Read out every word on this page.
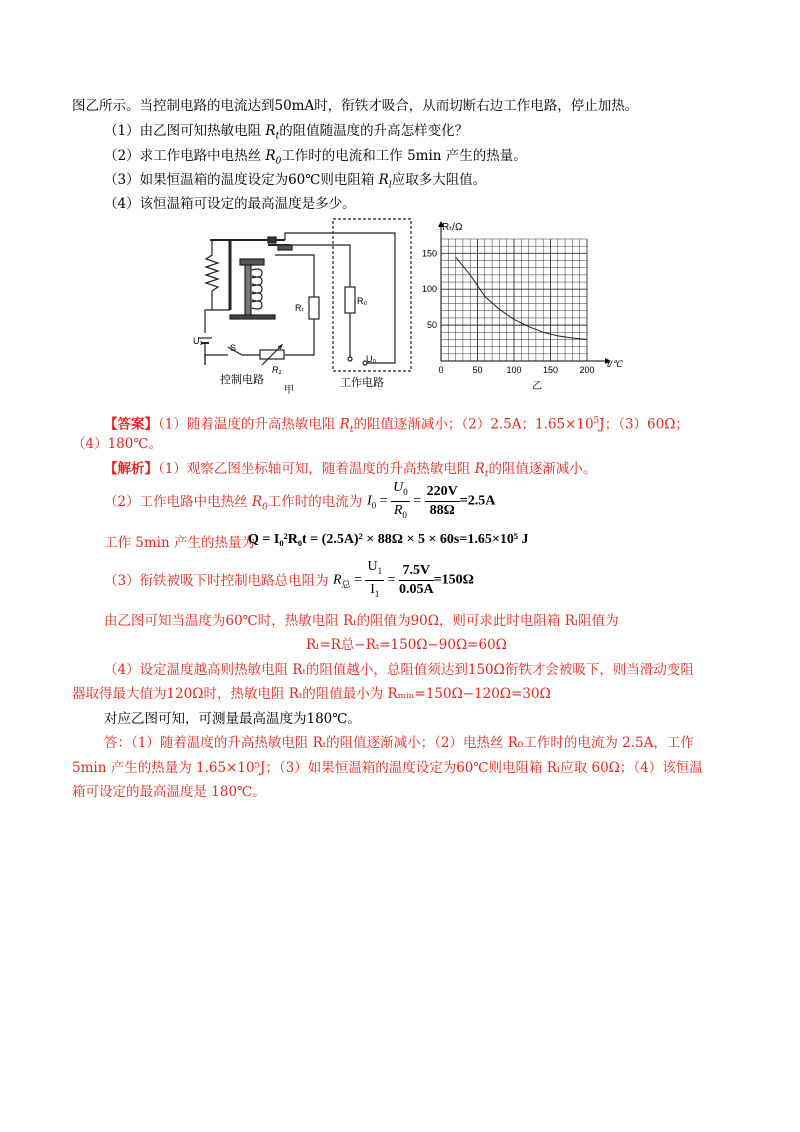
图乙所示。当控制电路的电流达到50mA时，衔铁才吸合，从而切断右边工作电路，停止加热。
（1）由乙图可知热敏电阻 $R_t$的阻值随温度的升高怎样变化？
（2）求工作电路中电热丝 $R_0$工作时的电流和工作 5min 产生的热量。
（3）如果恒温箱的温度设定为60℃则电阻箱 $R_l$应取多大阻值。
（4）该恒温箱可设定的最高温度是多少。
U₁
S
R₁
Rₜ
R₀
U₀
控制电路	工作电路
甲
0	50	100 150 200
50
100
150
Rₜ/Ω
t/℃
乙
【答案】（1）随着温度的升高热敏电阻 $R_t$的阻值逐渐减小；（2）2.5A；$1.65\times 10^5J$；（3）60Ω；
（4）180℃。
【解析】（1）观察乙图坐标轴可知，随着温度的升高热敏电阻 $R_t$的阻值逐渐减小。
（2）工作电路中电热丝 $R_0$工作时的电流为 $I_0 = \frac{U_0}{R_0} = \frac{220V}{88\Omega} =2.5A$
工作 5min 产生的热量为
Q = I₀²R₀t = (2.5A)² × 88Ω × 5 × 60s=1.65×10⁵ J
（3）衔铁被吸下时控制电路总电阻为 $R_总 = \frac{U_1}{I_1} = \frac{7.5V}{0.05A} =150\Omega$
由乙图可知当温度为60℃时，热敏电阻 Rₜ的阻值为90Ω，则可求此时电阻箱 Rₗ阻值为
Rₗ=R总−Rₜ=150Ω−90Ω=60Ω
（4）设定温度越高则热敏电阻 Rₜ的阻值越小，总阻值须达到150Ω衔铁才会被吸下，则当滑动变阻
器取得最大值为120Ω时，热敏电阻 Rₜ的阻值最小为 Rₘᵢₙ=150Ω−120Ω=30Ω
对应乙图可知，可测量最高温度为180℃。
答：（1）随着温度的升高热敏电阻 Rₜ的阻值逐渐减小；（2）电热丝 R₀工作时的电流为 2.5A，工作
5min 产生的热量为 1.65×10⁵J；（3）如果恒温箱的温度设定为60℃则电阻箱 Rₗ应取 60Ω；（4）该恒温
箱可设定的最高温度是 180℃。
